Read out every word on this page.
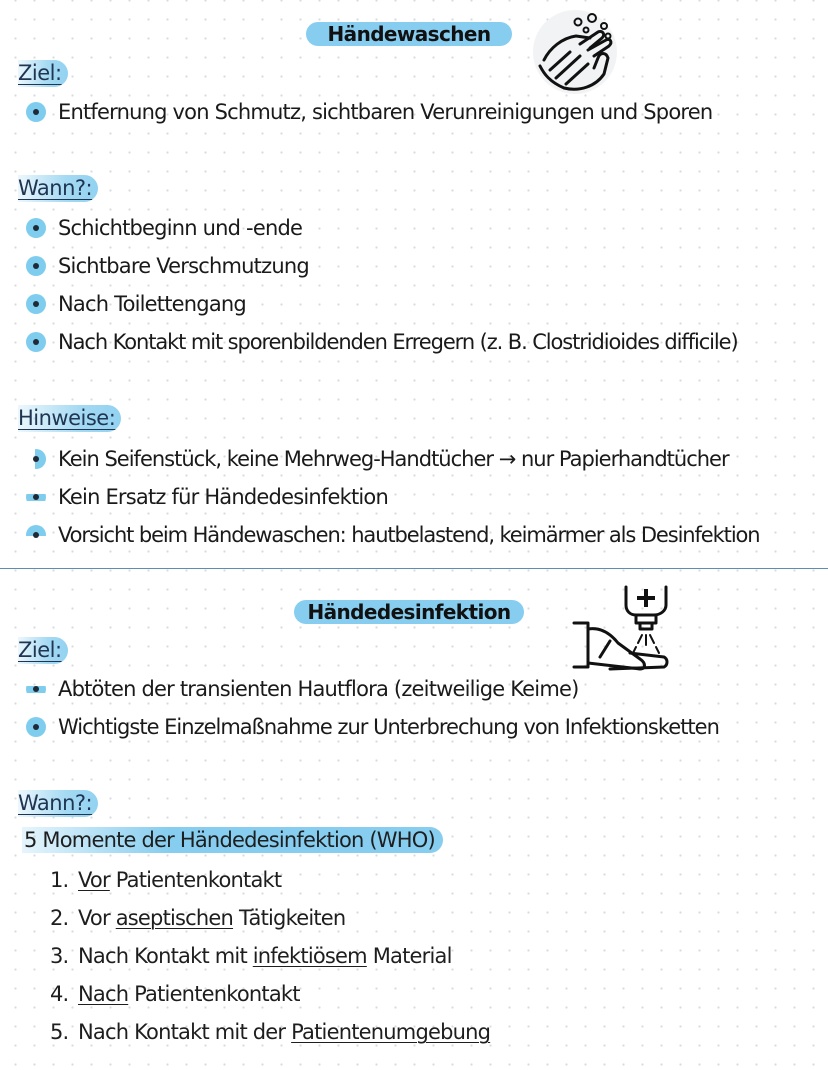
Händewaschen
Ziel:
Entfernung von Schmutz, sichtbaren Verunreinigungen und Sporen
Wann?:
Schichtbeginn und -ende
Sichtbare Verschmutzung
Nach Toilettengang
Nach Kontakt mit sporenbildenden Erregern (z. B. Clostridioides difficile)
Hinweise:
Kein Seifenstück, keine Mehrweg-Handtücher → nur Papierhandtücher
Kein Ersatz für Händedesinfektion
Vorsicht beim Händewaschen: hautbelastend, keimärmer als Desinfektion
Händedesinfektion
Ziel:
Abtöten der transienten Hautflora (zeitweilige Keime)
Wichtigste Einzelmaßnahme zur Unterbrechung von Infektionsketten
Wann?:
5 Momente der Händedesinfektion (WHO)
1. Vor Patientenkontakt
2. Vor aseptischen Tätigkeiten
3. Nach Kontakt mit infektiösem Material
4. Nach Patientenkontakt
5. Nach Kontakt mit der Patientenumgebung
